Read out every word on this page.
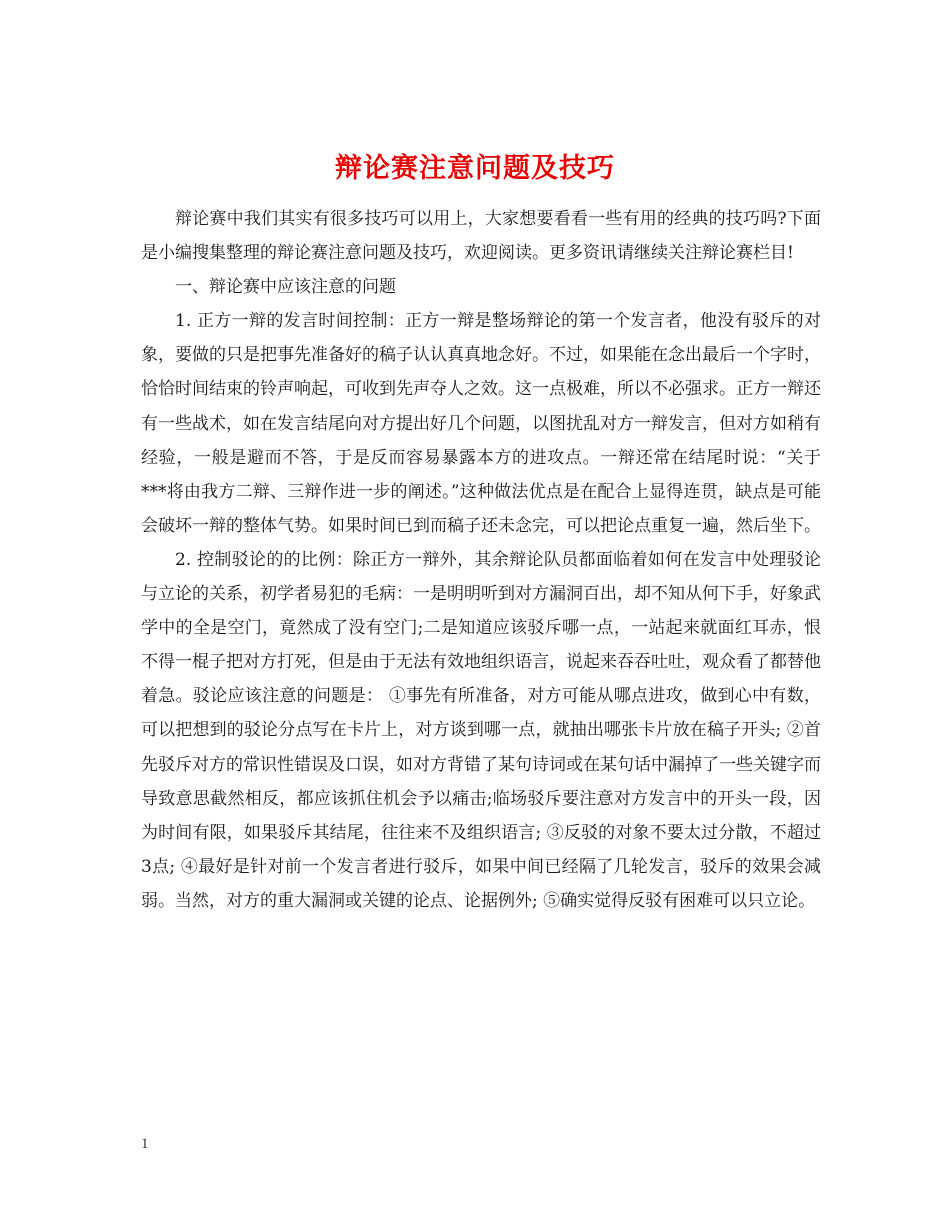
辩论赛注意问题及技巧

辩论赛中我们其实有很多技巧可以用上，大家想要看看一些有用的经典的技巧吗?下面是小编搜集整理的辩论赛注意问题及技巧，欢迎阅读。更多资讯请继续关注辩论赛栏目!

一、辩论赛中应该注意的问题

1. 正方一辩的发言时间控制：正方一辩是整场辩论的第一个发言者，他没有驳斥的对象，要做的只是把事先准备好的稿子认认真真地念好。不过，如果能在念出最后一个字时，恰恰时间结束的铃声响起，可收到先声夺人之效。这一点极难，所以不必强求。正方一辩还有一些战术，如在发言结尾向对方提出好几个问题，以图扰乱对方一辩发言，但对方如稍有经验，一般是避而不答，于是反而容易暴露本方的进攻点。一辩还常在结尾时说：“关于***将由我方二辩、三辩作进一步的阐述。”这种做法优点是在配合上显得连贯，缺点是可能会破坏一辩的整体气势。如果时间已到而稿子还未念完，可以把论点重复一遍，然后坐下。

2. 控制驳论的的比例：除正方一辩外，其余辩论队员都面临着如何在发言中处理驳论与立论的关系，初学者易犯的毛病：一是明明听到对方漏洞百出，却不知从何下手，好象武学中的全是空门，竟然成了没有空门;二是知道应该驳斥哪一点，一站起来就面红耳赤，恨不得一棍子把对方打死，但是由于无法有效地组织语言，说起来吞吞吐吐，观众看了都替他着急。驳论应该注意的问题是： ①事先有所准备，对方可能从哪点进攻，做到心中有数，可以把想到的驳论分点写在卡片上，对方谈到哪一点，就抽出哪张卡片放在稿子开头; ②首先驳斥对方的常识性错误及口误，如对方背错了某句诗词或在某句话中漏掉了一些关键字而导致意思截然相反，都应该抓住机会予以痛击;临场驳斥要注意对方发言中的开头一段，因为时间有限，如果驳斥其结尾，往往来不及组织语言; ③反驳的对象不要太过分散，不超过3点; ④最好是针对前一个发言者进行驳斥，如果中间已经隔了几轮发言，驳斥的效果会减弱。当然，对方的重大漏洞或关键的论点、论据例外; ⑤确实觉得反驳有困难可以只立论。

1
